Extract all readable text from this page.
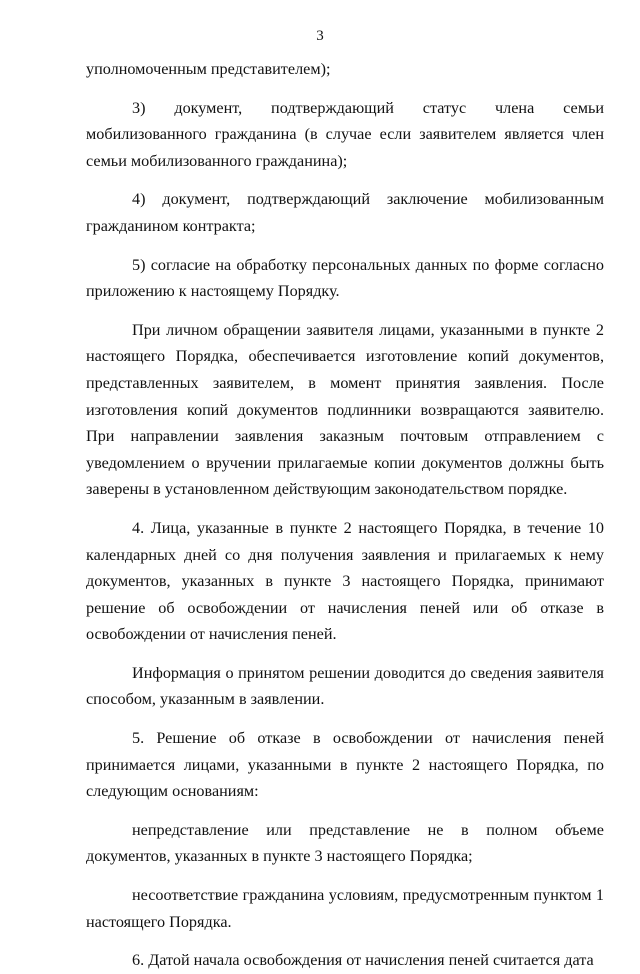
3

уполномоченным представителем);

3) документ, подтверждающий статус члена семьи мобилизованного гражданина (в случае если заявителем является член семьи мобилизованного гражданина);

4) документ, подтверждающий заключение мобилизованным гражданином контракта;

5) согласие на обработку персональных данных по форме согласно приложению к настоящему Порядку.

При личном обращении заявителя лицами, указанными в пункте 2 настоящего Порядка, обеспечивается изготовление копий документов, представленных заявителем, в момент принятия заявления. После изготовления копий документов подлинники возвращаются заявителю. При направлении заявления заказным почтовым отправлением с уведомлением о вручении прилагаемые копии документов должны быть заверены в установленном действующим законодательством порядке.

4. Лица, указанные в пункте 2 настоящего Порядка, в течение 10 календарных дней со дня получения заявления и прилагаемых к нему документов, указанных в пункте 3 настоящего Порядка, принимают решение об освобождении от начисления пеней или об отказе в освобождении от начисления пеней.

Информация о принятом решении доводится до сведения заявителя способом, указанным в заявлении.

5. Решение об отказе в освобождении от начисления пеней принимается лицами, указанными в пункте 2 настоящего Порядка, по следующим основаниям:

непредставление или представление не в полном объеме документов, указанных в пункте 3 настоящего Порядка;

несоответствие гражданина условиям, предусмотренным пунктом 1 настоящего Порядка.

6. Датой начала освобождения от начисления пеней считается дата
